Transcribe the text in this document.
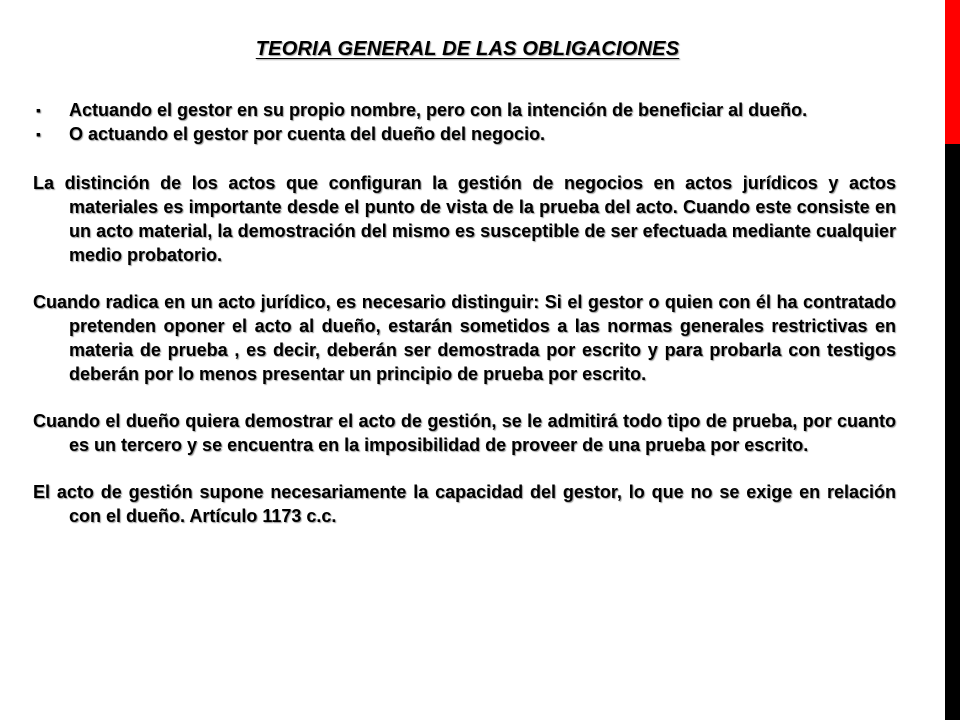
TEORIA GENERAL DE LAS OBLIGACIONES
▪ Actuando el gestor en su propio nombre, pero con la intención de beneficiar al dueño.
▪ O actuando el gestor por cuenta del dueño del negocio.

La distinción de los actos que configuran la gestión de negocios en actos jurídicos y actos materiales es importante desde el punto de vista de la prueba del acto. Cuando este consiste en un acto material, la demostración del mismo es susceptible de ser efectuada mediante cualquier medio probatorio.

Cuando radica en un acto jurídico, es necesario distinguir: Si el gestor o quien con él ha contratado pretenden oponer el acto al dueño, estarán sometidos a las normas generales restrictivas en materia de prueba , es decir, deberán ser demostrada por escrito y para probarla con testigos deberán por lo menos presentar un principio de prueba por escrito.

Cuando el dueño quiera demostrar el acto de gestión, se le admitirá todo tipo de prueba, por cuanto es un tercero y se encuentra en la imposibilidad de proveer de una prueba por escrito.

El acto de gestión supone necesariamente la capacidad del gestor, lo que no se exige en relación con el dueño. Artículo 1173 c.c.
